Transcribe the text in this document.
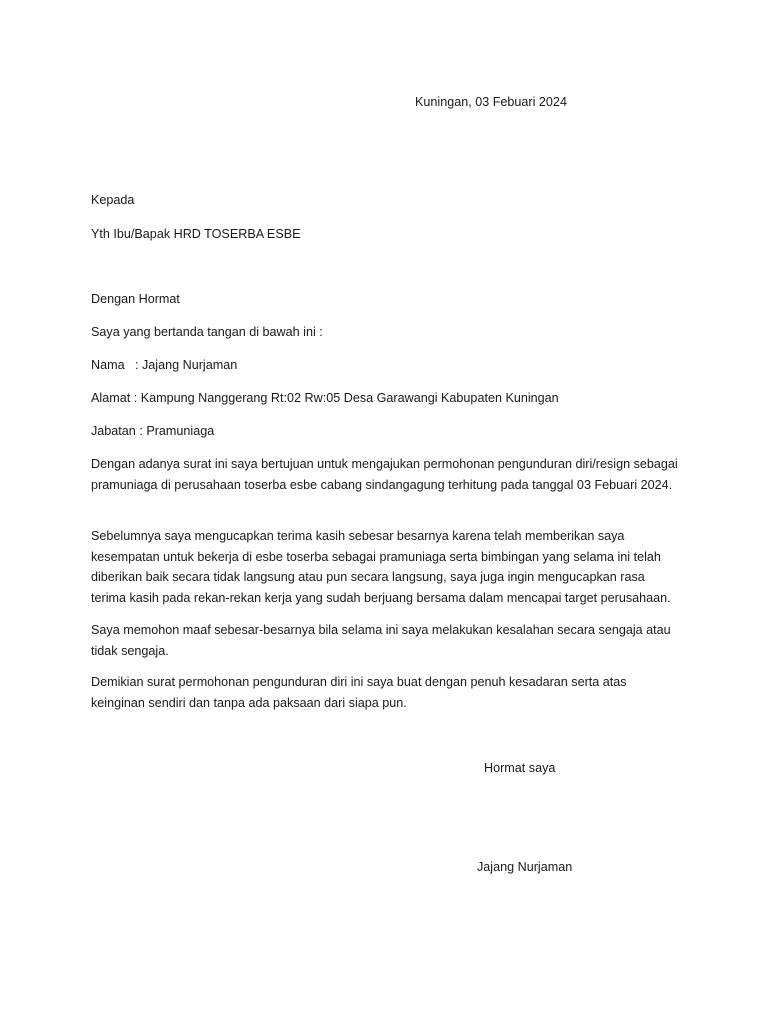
Kuningan, 03 Febuari 2024

Kepada

Yth Ibu/Bapak HRD TOSERBA ESBE

Dengan Hormat

Saya yang bertanda tangan di bawah ini :

Nama : Jajang Nurjaman

Alamat : Kampung Nanggerang Rt:02 Rw:05 Desa Garawangi Kabupaten Kuningan

Jabatan : Pramuniaga

Dengan adanya surat ini saya bertujuan untuk mengajukan permohonan pengunduran diri/resign sebagai pramuniaga di perusahaan toserba esbe cabang sindangagung terhitung pada tanggal 03 Febuari 2024.

Sebelumnya saya mengucapkan terima kasih sebesar besarnya karena telah memberikan saya kesempatan untuk bekerja di esbe toserba sebagai pramuniaga serta bimbingan yang selama ini telah diberikan baik secara tidak langsung atau pun secara langsung, saya juga ingin mengucapkan rasa terima kasih pada rekan-rekan kerja yang sudah berjuang bersama dalam mencapai target perusahaan.

Saya memohon maaf sebesar-besarnya bila selama ini saya melakukan kesalahan secara sengaja atau tidak sengaja.

Demikian surat permohonan pengunduran diri ini saya buat dengan penuh kesadaran serta atas keinginan sendiri dan tanpa ada paksaan dari siapa pun.

Hormat saya

Jajang Nurjaman
